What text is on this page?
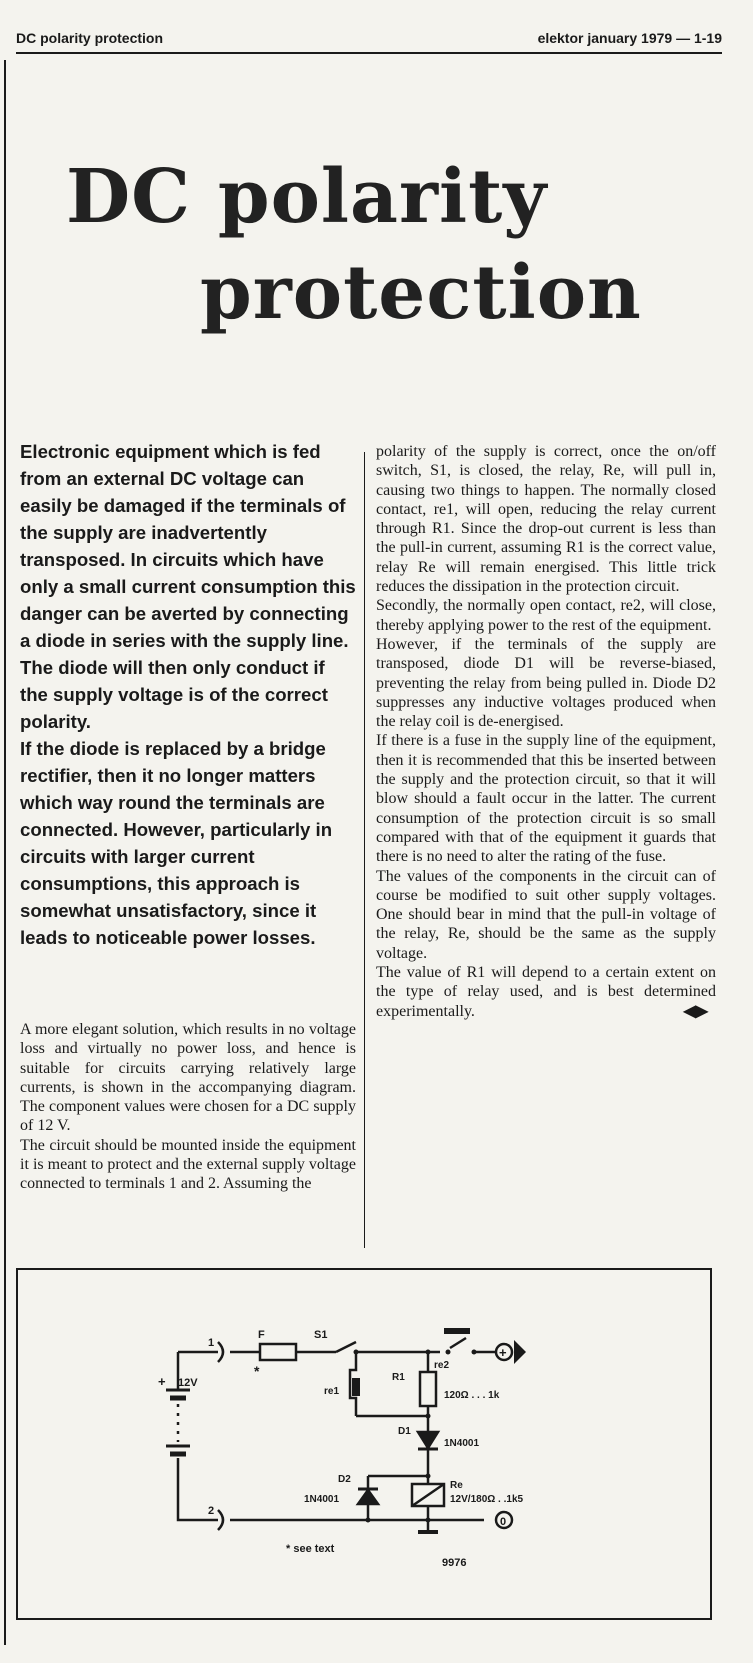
DC polarity protection	elektor january 1979 — 1-19
DC polarity
protection

Electronic equipment which is fed from an external DC voltage can easily be damaged if the terminals of the supply are inadvertently transposed. In circuits which have only a small current consumption this danger can be averted by connecting a diode in series with the supply line. The diode will then only conduct if the supply voltage is of the correct polarity.

If the diode is replaced by a bridge rectifier, then it no longer matters which way round the terminals are connected. However, particularly in circuits with larger current consumptions, this approach is somewhat unsatisfactory, since it leads to noticeable power losses.

A more elegant solution, which results in no voltage loss and virtually no power loss, and hence is suitable for circuits carrying relatively large currents, is shown in the accompanying diagram. The component values were chosen for a DC supply of 12 V.

The circuit should be mounted inside the equipment it is meant to protect and the external supply voltage connected to terminals 1 and 2. Assuming the

polarity of the supply is correct, once the on/off switch, S1, is closed, the relay, Re, will pull in, causing two things to happen. The normally closed contact, re1, will open, reducing the relay current through R1. Since the drop-out current is less than the pull-in current, assuming R1 is the correct value, relay Re will remain energised. This little trick reduces the dissipation in the protection circuit.

Secondly, the normally open contact, re2, will close, thereby applying power to the rest of the equipment.

However, if the terminals of the supply are transposed, diode D1 will be reverse-biased, preventing the relay from being pulled in. Diode D2 suppresses any inductive voltages produced when the relay coil is de-energised.

If there is a fuse in the supply line of the equipment, then it is recommended that this be inserted between the supply and the protection circuit, so that it will blow should a fault occur in the latter. The current consumption of the protection circuit is so small compared with that of the equipment it guards that there is no need to alter the rating of the fuse.

The values of the components in the circuit can of course be modified to suit other supply voltages. One should bear in mind that the pull-in voltage of the relay, Re, should be the same as the supply voltage.

The value of R1 will depend to a certain extent on the type of relay used, and is best determined experimentally.	◀▶

1
2
F
*
S1
+ 12V
re1
re2
R1
120Ω . . . 1k
D1
1N4001
D2
1N4001
Re
12V/180Ω . .1k5
+
0
* see text
9976
